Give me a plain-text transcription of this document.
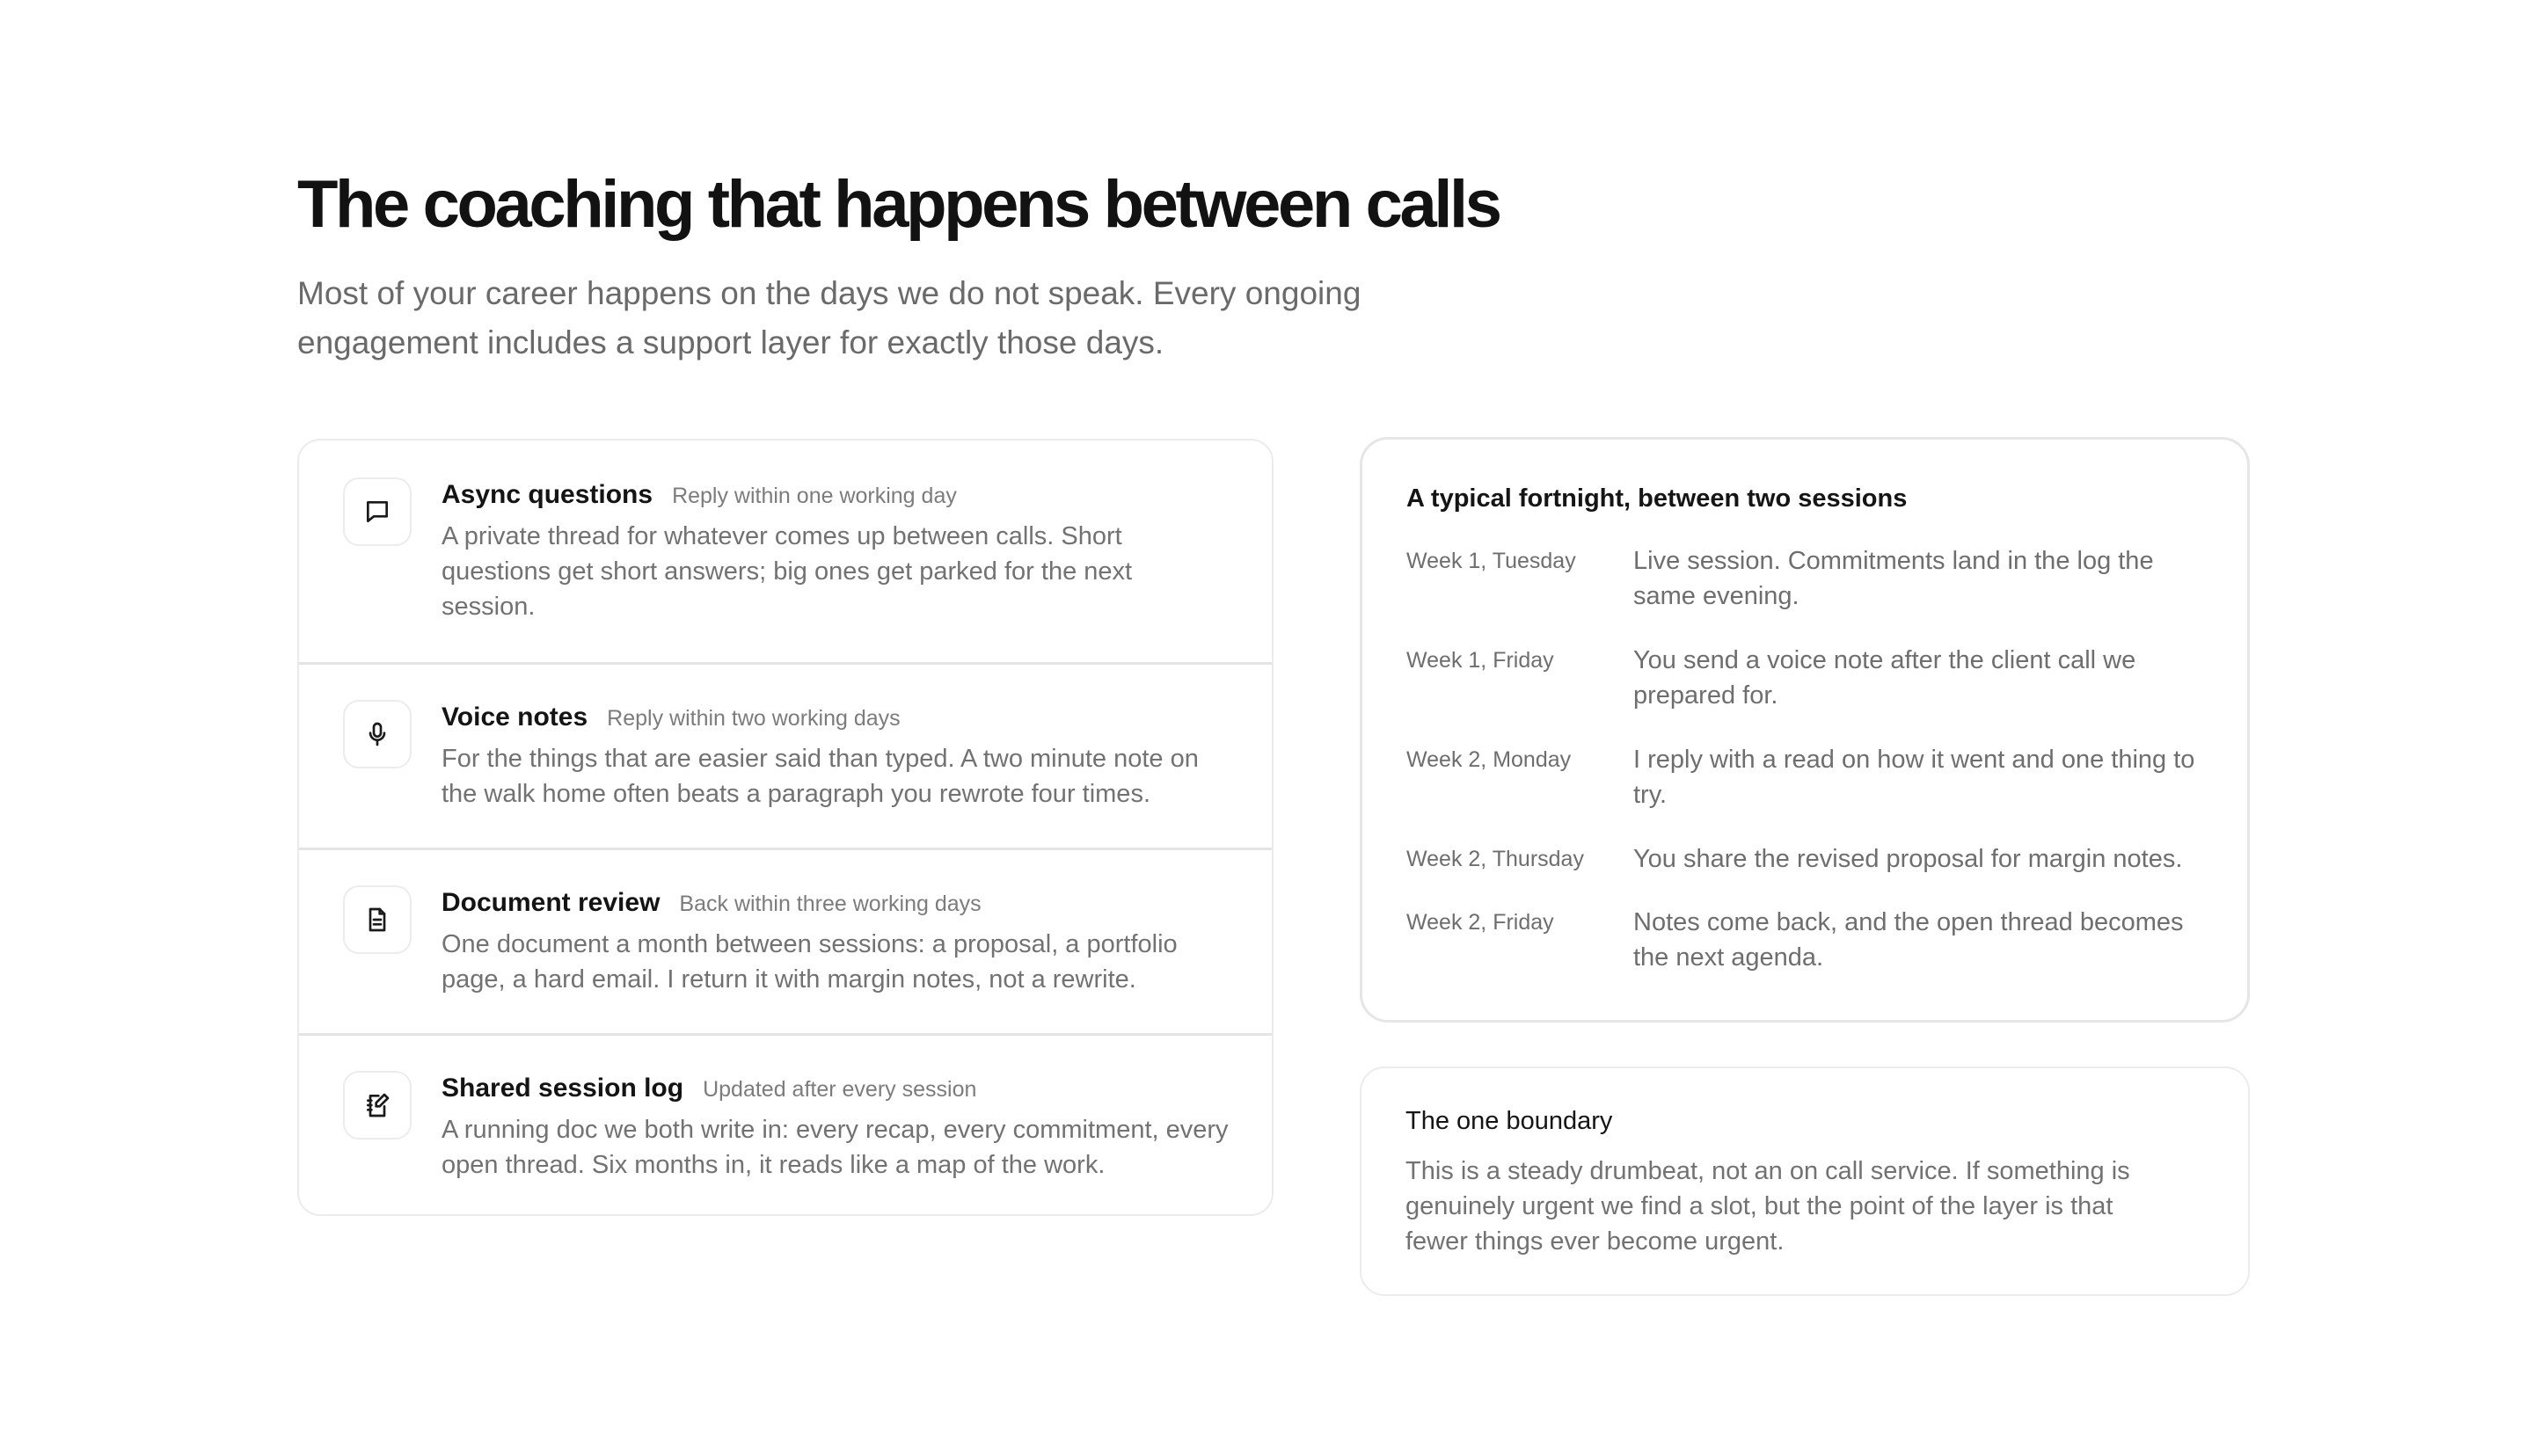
The coaching that happens between calls

Most of your career happens on the days we do not speak. Every ongoing engagement includes a support layer for exactly those days.

Async questions Reply within one working day
A private thread for whatever comes up between calls. Short questions get short answers; big ones get parked for the next session.
Voice notes Reply within two working days
For the things that are easier said than typed. A two minute note on the walk home often beats a paragraph you rewrote four times.
Document review Back within three working days
One document a month between sessions: a proposal, a portfolio page, a hard email. I return it with margin notes, not a rewrite.
Shared session log Updated after every session
A running doc we both write in: every recap, every commitment, every open thread. Six months in, it reads like a map of the work.
A typical fortnight, between two sessions
Week 1, Tuesday Live session. Commitments land in the log the same evening.
Week 1, Friday	You send a voice note after the client call we prepared for.
Week 2, Monday I reply with a read on how it went and one thing to try.
Week 2, Thursday You share the revised proposal for margin notes.
Week 2, Friday	Notes come back, and the open thread becomes the next agenda.
The one boundary
This is a steady drumbeat, not an on call service. If something is genuinely urgent we find a slot, but the point of the layer is that fewer things ever become urgent.
